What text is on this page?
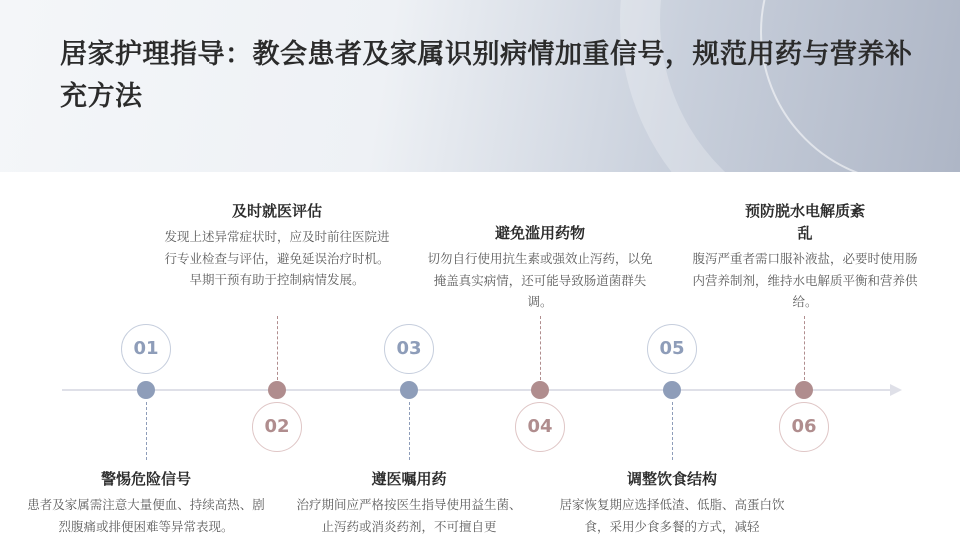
居家护理指导：教会患者及家属识别病情加重信号，规范用药与营养补充方法
01
警惕危险信号
患者及家属需注意大量便血、持续高热、剧烈腹痛或排便困难等异常表现。
02
及时就医评估
发现上述异常症状时，应及时前往医院进行专业检查与评估，避免延误治疗时机。早期干预有助于控制病情发展。
03
遵医嘱用药
治疗期间应严格按医生指导使用益生菌、止泻药或消炎药剂，不可擅自更
04
避免滥用药物
切勿自行使用抗生素或强效止泻药，以免掩盖真实病情，还可能导致肠道菌群失调。
05
调整饮食结构
居家恢复期应选择低渣、低脂、高蛋白饮食，采用少食多餐的方式，减轻
06
预防脱水电解质紊乱
腹泻严重者需口服补液盐，必要时使用肠内营养制剂，维持水电解质平衡和营养供给。
